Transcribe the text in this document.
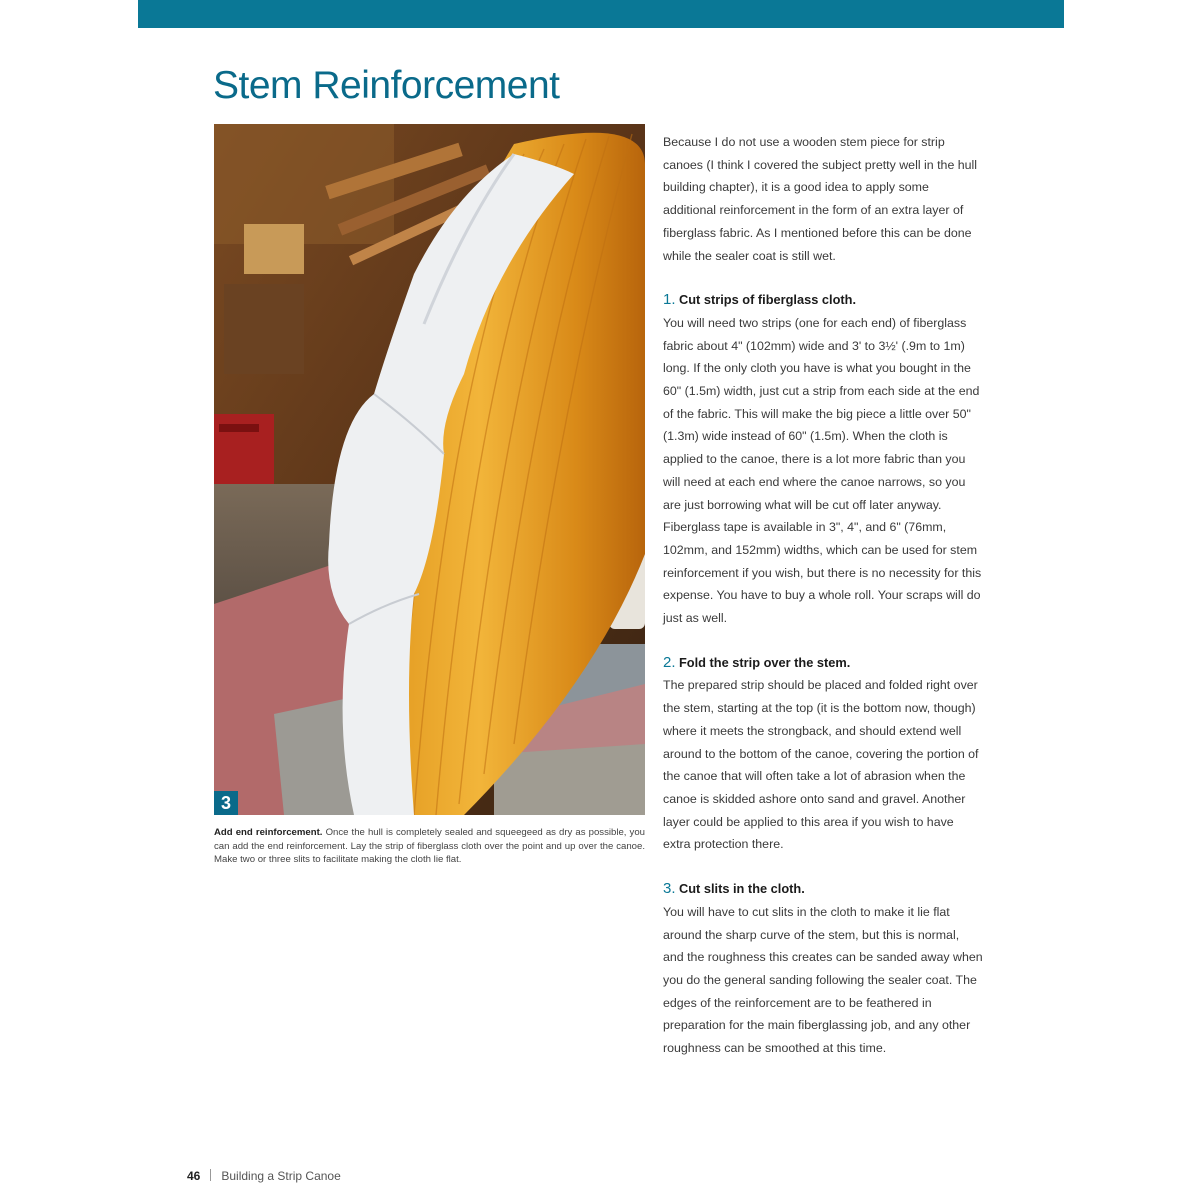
Stem Reinforcement
3
Add end reinforcement. Once the hull is completely sealed and squeegeed as dry as possible, you can add the end reinforcement. Lay the strip of fiberglass cloth over the point and up over the canoe. Make two or three slits to facilitate making the cloth lie flat.

Because I do not use a wooden stem piece for strip canoes (I think I covered the subject pretty well in the hull building chapter), it is a good idea to apply some additional reinforcement in the form of an extra layer of fiberglass fabric. As I mentioned before this can be done while the sealer coat is still wet.

1. Cut strips of fiberglass cloth.

You will need two strips (one for each end) of fiberglass fabric about 4" (102mm) wide and 3' to 3½' (.9m to 1m) long. If the only cloth you have is what you bought in the 60" (1.5m) width, just cut a strip from each side at the end of the fabric. This will make the big piece a little over 50" (1.3m) wide instead of 60" (1.5m). When the cloth is applied to the canoe, there is a lot more fabric than you will need at each end where the canoe narrows, so you are just borrowing what will be cut off later anyway. Fiberglass tape is available in 3", 4", and 6" (76mm, 102mm, and 152mm) widths, which can be used for stem reinforcement if you wish, but there is no necessity for this expense. You have to buy a whole roll. Your scraps will do just as well.

2. Fold the strip over the stem.

The prepared strip should be placed and folded right over the stem, starting at the top (it is the bottom now, though) where it meets the strongback, and should extend well around to the bottom of the canoe, covering the portion of the canoe that will often take a lot of abrasion when the canoe is skidded ashore onto sand and gravel. Another layer could be applied to this area if you wish to have extra protection there.

3. Cut slits in the cloth.

You will have to cut slits in the cloth to make it lie flat around the sharp curve of the stem, but this is normal, and the roughness this creates can be sanded away when you do the general sanding following the sealer coat. The edges of the reinforcement are to be feathered in preparation for the main fiberglassing job, and any other roughness can be smoothed at this time.

46 Building a Strip Canoe
